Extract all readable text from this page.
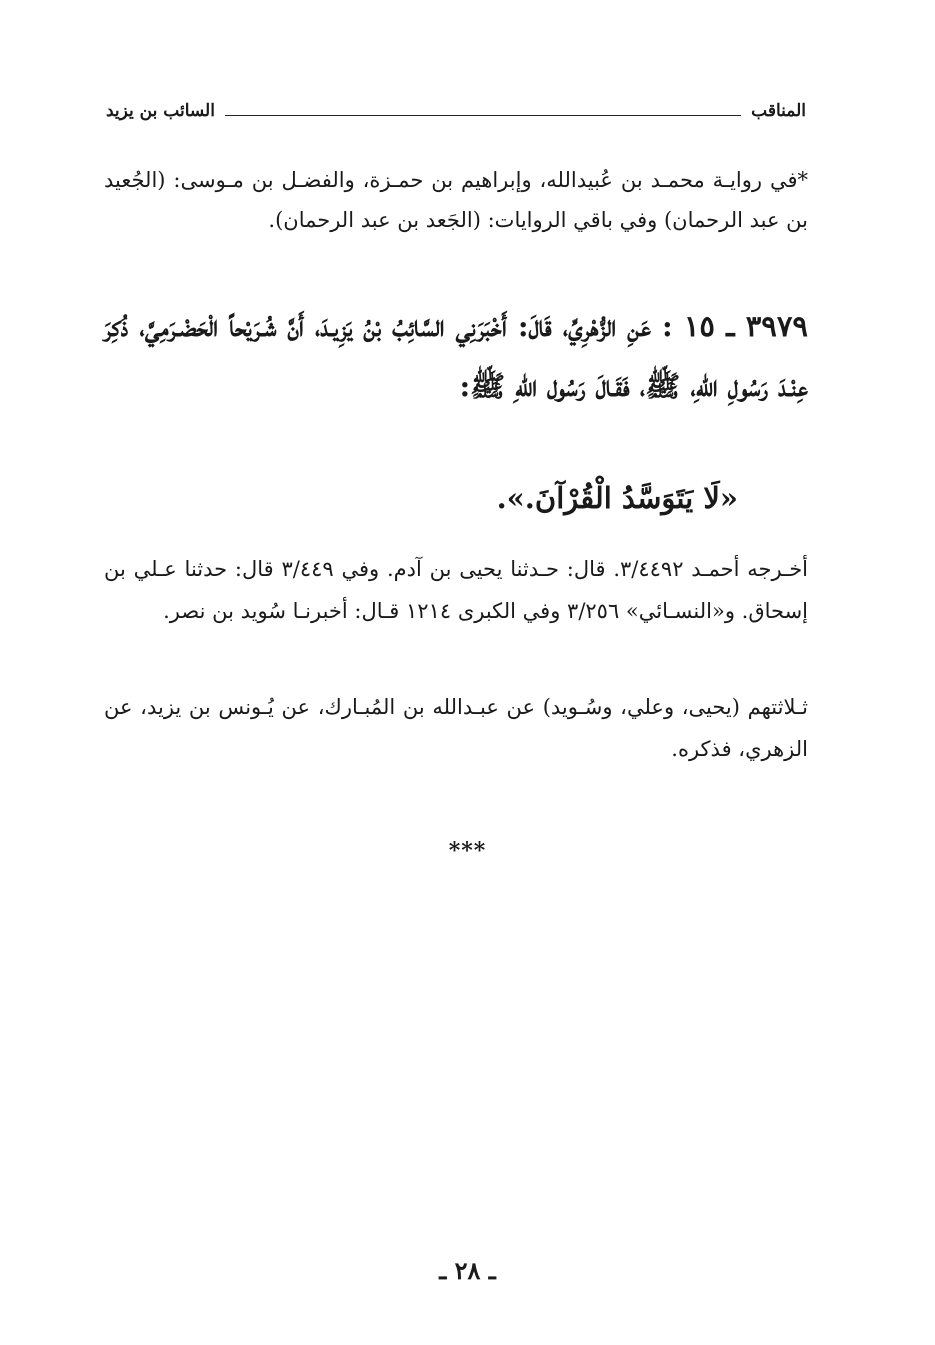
المناقب
السائب بن يزيد
*في روايـة محمـد بن عُبيدالله، وإبراهيم بن حمـزة، والفضـل بن مـوسى: (الجُعيد بن عبد الرحمان) وفي باقي الروايات: (الجَعد بن عبد الرحمان).
٣٩٧٩ ـ ١٥ : عَنِ الزُّهْرِيِّ، قَالَ: أَخْبَرَنِي السَّائِبُ بْنُ يَزِيـدَ، أَنَّ شُـرَيْحاً الْحَضْـرَمِيَّ، ذُكِرَ عِنْـدَ رَسُولِ اللّهِ، ﷺ، فَقَـالَ رَسُول اللّهِ ﷺ:
«لَا يَتَوَسَّدُ الْقُرْآنَ.».
أخـرجه أحمـد ٣/٤٤٩٢. قال: حـدثنا يحيى بن آدم. وفي ٣/٤٤٩ قال: حدثنا عـلي بن إسحاق. و«النسـائي» ٣/٢٥٦ وفي الكبرى ١٢١٤ قـال: أخبرنـا سُويد بن نصر.
ثـلاثتهم (يحيى، وعلي، وسُـويد) عن عبـدالله بن المُبـارك، عن يُـونس بن يزيد، عن الزهري، فذكره.
***
ـ ٢٨ ـ
